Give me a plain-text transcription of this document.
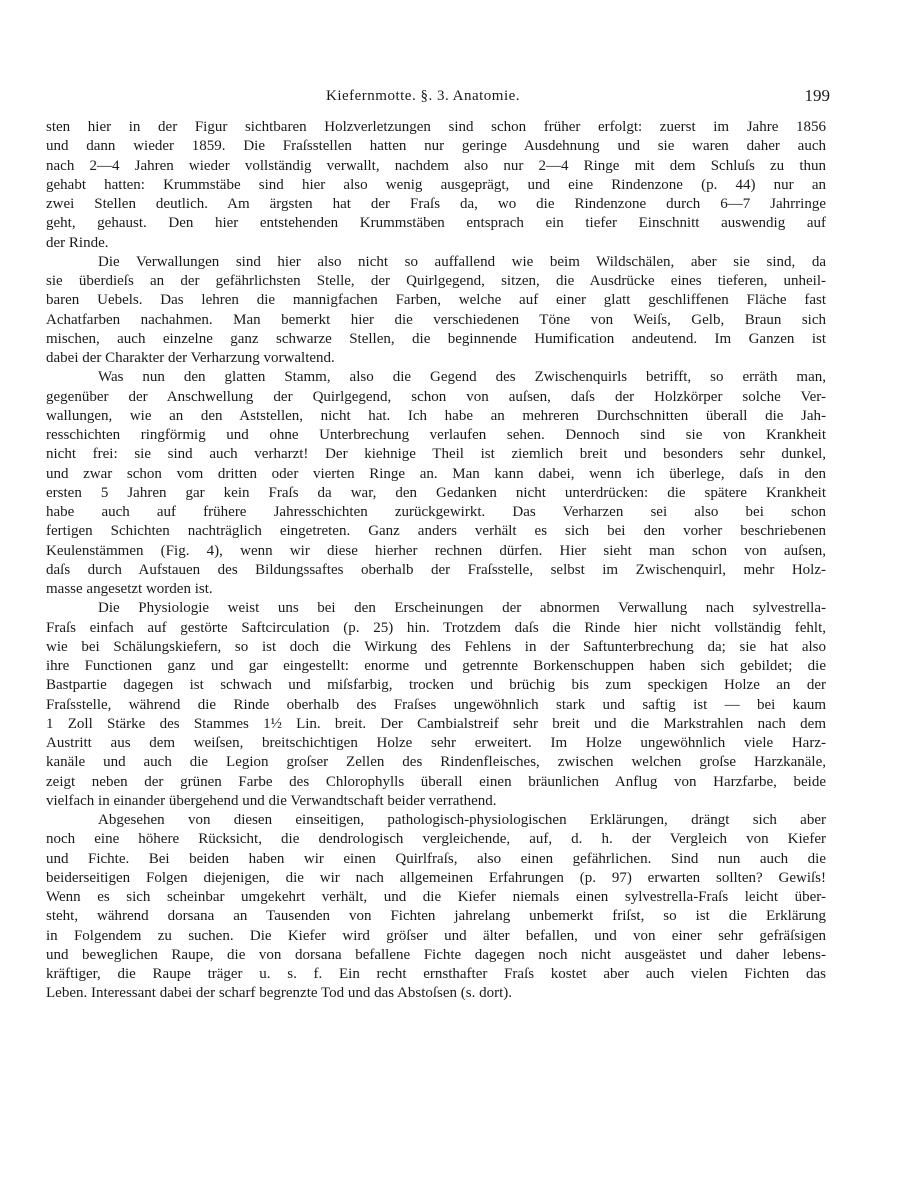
Kiefernmotte. §. 3. Anatomie.	199
sten hier in der Figur sichtbaren Holzverletzungen sind schon früher erfolgt: zuerst im Jahre 1856
und dann wieder 1859. Die Fraſsstellen hatten nur geringe Ausdehnung und sie waren daher auch
nach 2—4 Jahren wieder vollständig verwallt, nachdem also nur 2—4 Ringe mit dem Schluſs zu thun
gehabt hatten: Krummstäbe sind hier also wenig ausgeprägt, und eine Rindenzone (p. 44) nur an
zwei Stellen deutlich. Am ärgsten hat der Fraſs da, wo die Rindenzone durch 6—7 Jahrringe
geht, gehaust. Den hier entstehenden Krummstäben entsprach ein tiefer Einschnitt auswendig auf
der Rinde.
Die Verwallungen sind hier also nicht so auffallend wie beim Wildschälen, aber sie sind, da
sie überdieſs an der gefährlichsten Stelle, der Quirlgegend, sitzen, die Ausdrücke eines tieferen, unheil-
baren Uebels. Das lehren die mannigfachen Farben, welche auf einer glatt geschliffenen Fläche fast
Achatfarben nachahmen. Man bemerkt hier die verschiedenen Töne von Weiſs, Gelb, Braun sich
mischen, auch einzelne ganz schwarze Stellen, die beginnende Humification andeutend. Im Ganzen ist
dabei der Charakter der Verharzung vorwaltend.
Was nun den glatten Stamm, also die Gegend des Zwischenquirls betrifft, so erräth man,
gegenüber der Anschwellung der Quirlgegend, schon von auſsen, daſs der Holzkörper solche Ver-
wallungen, wie an den Aststellen, nicht hat. Ich habe an mehreren Durchschnitten überall die Jah-
resschichten ringförmig und ohne Unterbrechung verlaufen sehen. Dennoch sind sie von Krankheit
nicht frei: sie sind auch verharzt! Der kiehnige Theil ist ziemlich breit und besonders sehr dunkel,
und zwar schon vom dritten oder vierten Ringe an. Man kann dabei, wenn ich überlege, daſs in den
ersten 5 Jahren gar kein Fraſs da war, den Gedanken nicht unterdrücken: die spätere Krankheit
habe auch auf frühere Jahresschichten zurückgewirkt. Das Verharzen sei also bei schon
fertigen Schichten nachträglich eingetreten. Ganz anders verhält es sich bei den vorher beschriebenen
Keulenstämmen (Fig. 4), wenn wir diese hierher rechnen dürfen. Hier sieht man schon von auſsen,
daſs durch Aufstauen des Bildungssaftes oberhalb der Fraſsstelle, selbst im Zwischenquirl, mehr Holz-
masse angesetzt worden ist.
Die Physiologie weist uns bei den Erscheinungen der abnormen Verwallung nach sylvestrella-
Fraſs einfach auf gestörte Saftcirculation (p. 25) hin. Trotzdem daſs die Rinde hier nicht vollständig fehlt,
wie bei Schälungskiefern, so ist doch die Wirkung des Fehlens in der Saftunterbrechung da; sie hat also
ihre Functionen ganz und gar eingestellt: enorme und getrennte Borkenschuppen haben sich gebildet; die
Bastpartie dagegen ist schwach und miſsfarbig, trocken und brüchig bis zum speckigen Holze an der
Fraſsstelle, während die Rinde oberhalb des Fraſses ungewöhnlich stark und saftig ist — bei kaum
1 Zoll Stärke des Stammes 1½ Lin. breit. Der Cambialstreif sehr breit und die Markstrahlen nach dem
Austritt aus dem weiſsen, breitschichtigen Holze sehr erweitert. Im Holze ungewöhnlich viele Harz-
kanäle und auch die Legion groſser Zellen des Rindenfleisches, zwischen welchen groſse Harzkanäle,
zeigt neben der grünen Farbe des Chlorophylls überall einen bräunlichen Anflug von Harzfarbe, beide
vielfach in einander übergehend und die Verwandtschaft beider verrathend.
Abgesehen von diesen einseitigen, pathologisch-physiologischen Erklärungen, drängt sich aber
noch eine höhere Rücksicht, die dendrologisch vergleichende, auf, d. h. der Vergleich von Kiefer
und Fichte. Bei beiden haben wir einen Quirlfraſs, also einen gefährlichen. Sind nun auch die
beiderseitigen Folgen diejenigen, die wir nach allgemeinen Erfahrungen (p. 97) erwarten sollten? Gewiſs!
Wenn es sich scheinbar umgekehrt verhält, und die Kiefer niemals einen sylvestrella-Fraſs leicht über-
steht, während dorsana an Tausenden von Fichten jahrelang unbemerkt friſst, so ist die Erklärung
in Folgendem zu suchen. Die Kiefer wird gröſser und älter befallen, und von einer sehr gefräſsigen
und beweglichen Raupe, die von dorsana befallene Fichte dagegen noch nicht ausgeästet und daher lebens-
kräftiger, die Raupe träger u. s. f. Ein recht ernsthafter Fraſs kostet aber auch vielen Fichten das
Leben. Interessant dabei der scharf begrenzte Tod und das Abstoſsen (s. dort).
